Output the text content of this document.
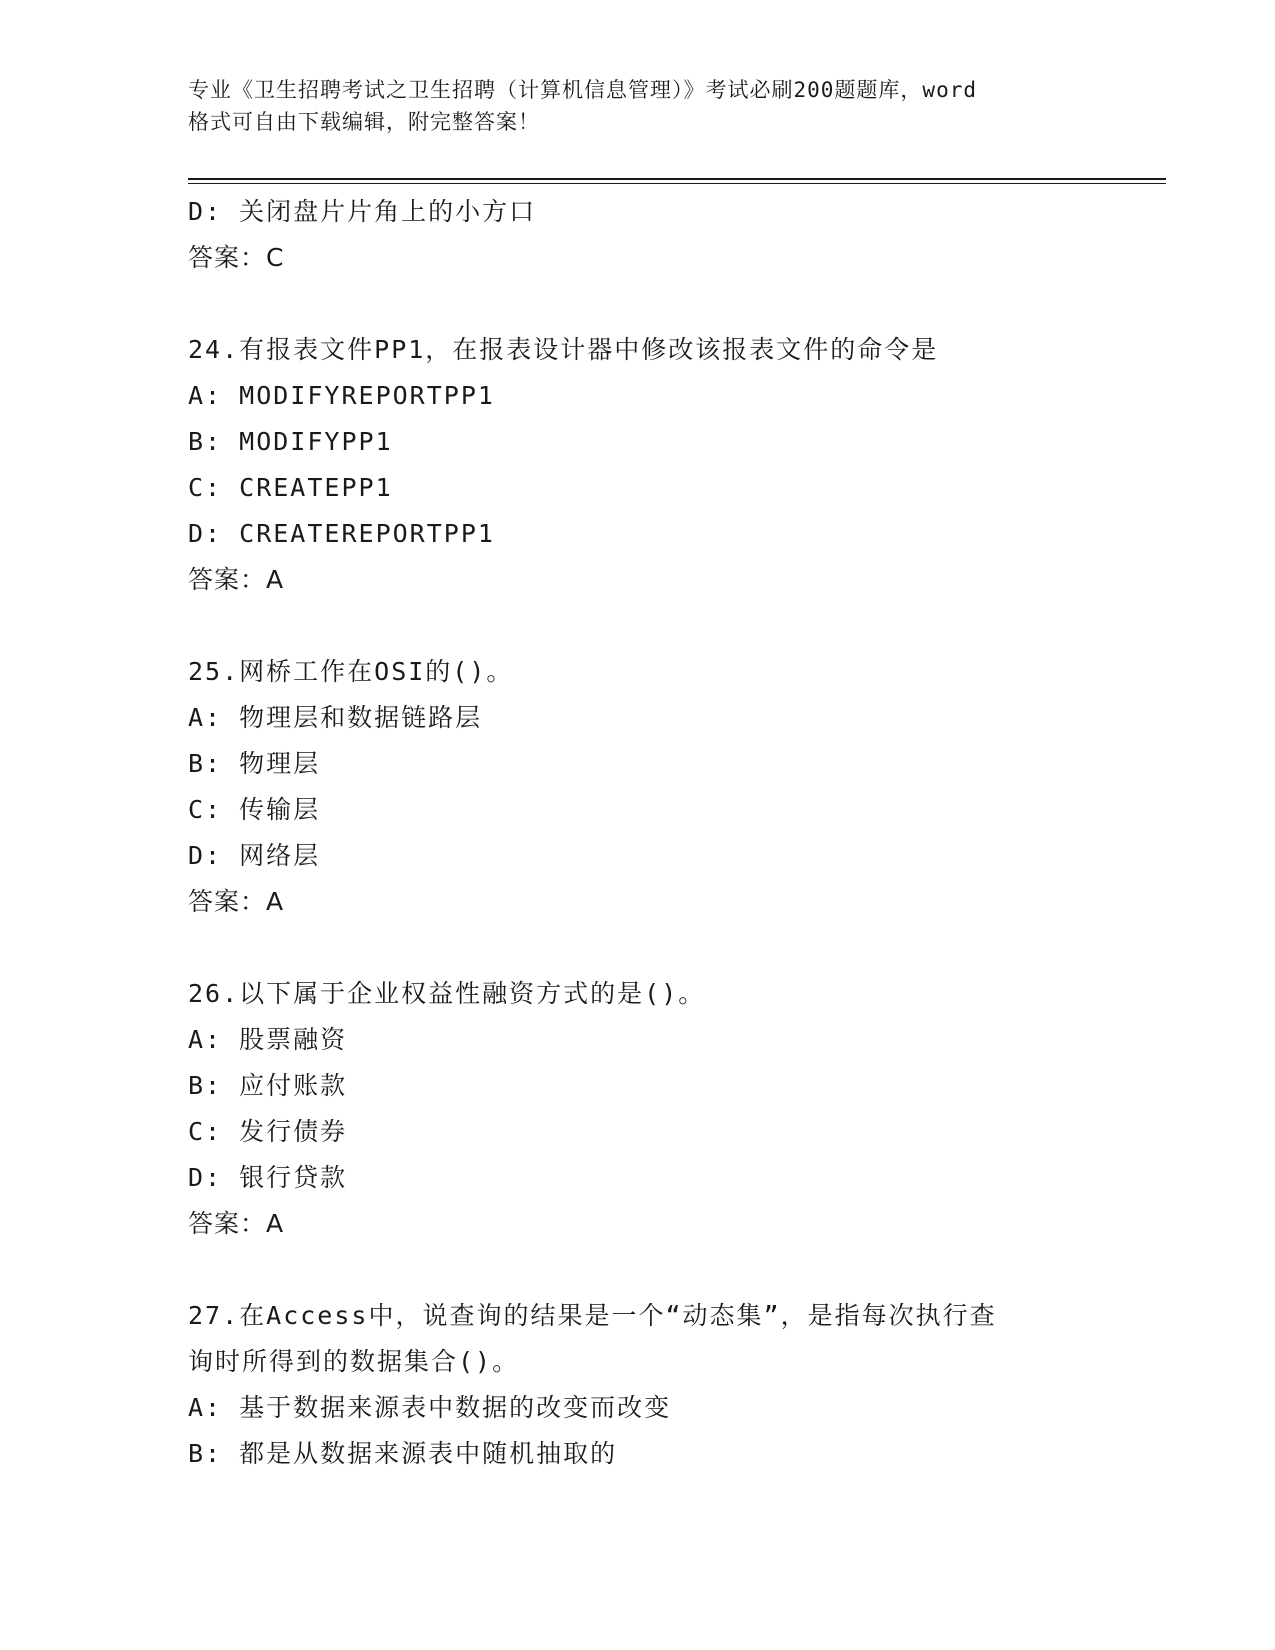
专业《卫生招聘考试之卫生招聘（计算机信息管理）》考试必刷200题题库，word
格式可自由下载编辑，附完整答案！
D: 关闭盘片片角上的小方口
答案：C
24.有报表文件PP1，在报表设计器中修改该报表文件的命令是
A: MODIFYREPORTPP1
B: MODIFYPP1
C: CREATEPP1
D: CREATEREPORTPP1
答案：A
25.网桥工作在OSI的()。
A: 物理层和数据链路层
B: 物理层
C: 传输层
D: 网络层
答案：A
26.以下属于企业权益性融资方式的是()。
A: 股票融资
B: 应付账款
C: 发行债券
D: 银行贷款
答案：A
27.在Access中，说查询的结果是一个“动态集”，是指每次执行查
询时所得到的数据集合()。
A: 基于数据来源表中数据的改变而改变
B: 都是从数据来源表中随机抽取的
